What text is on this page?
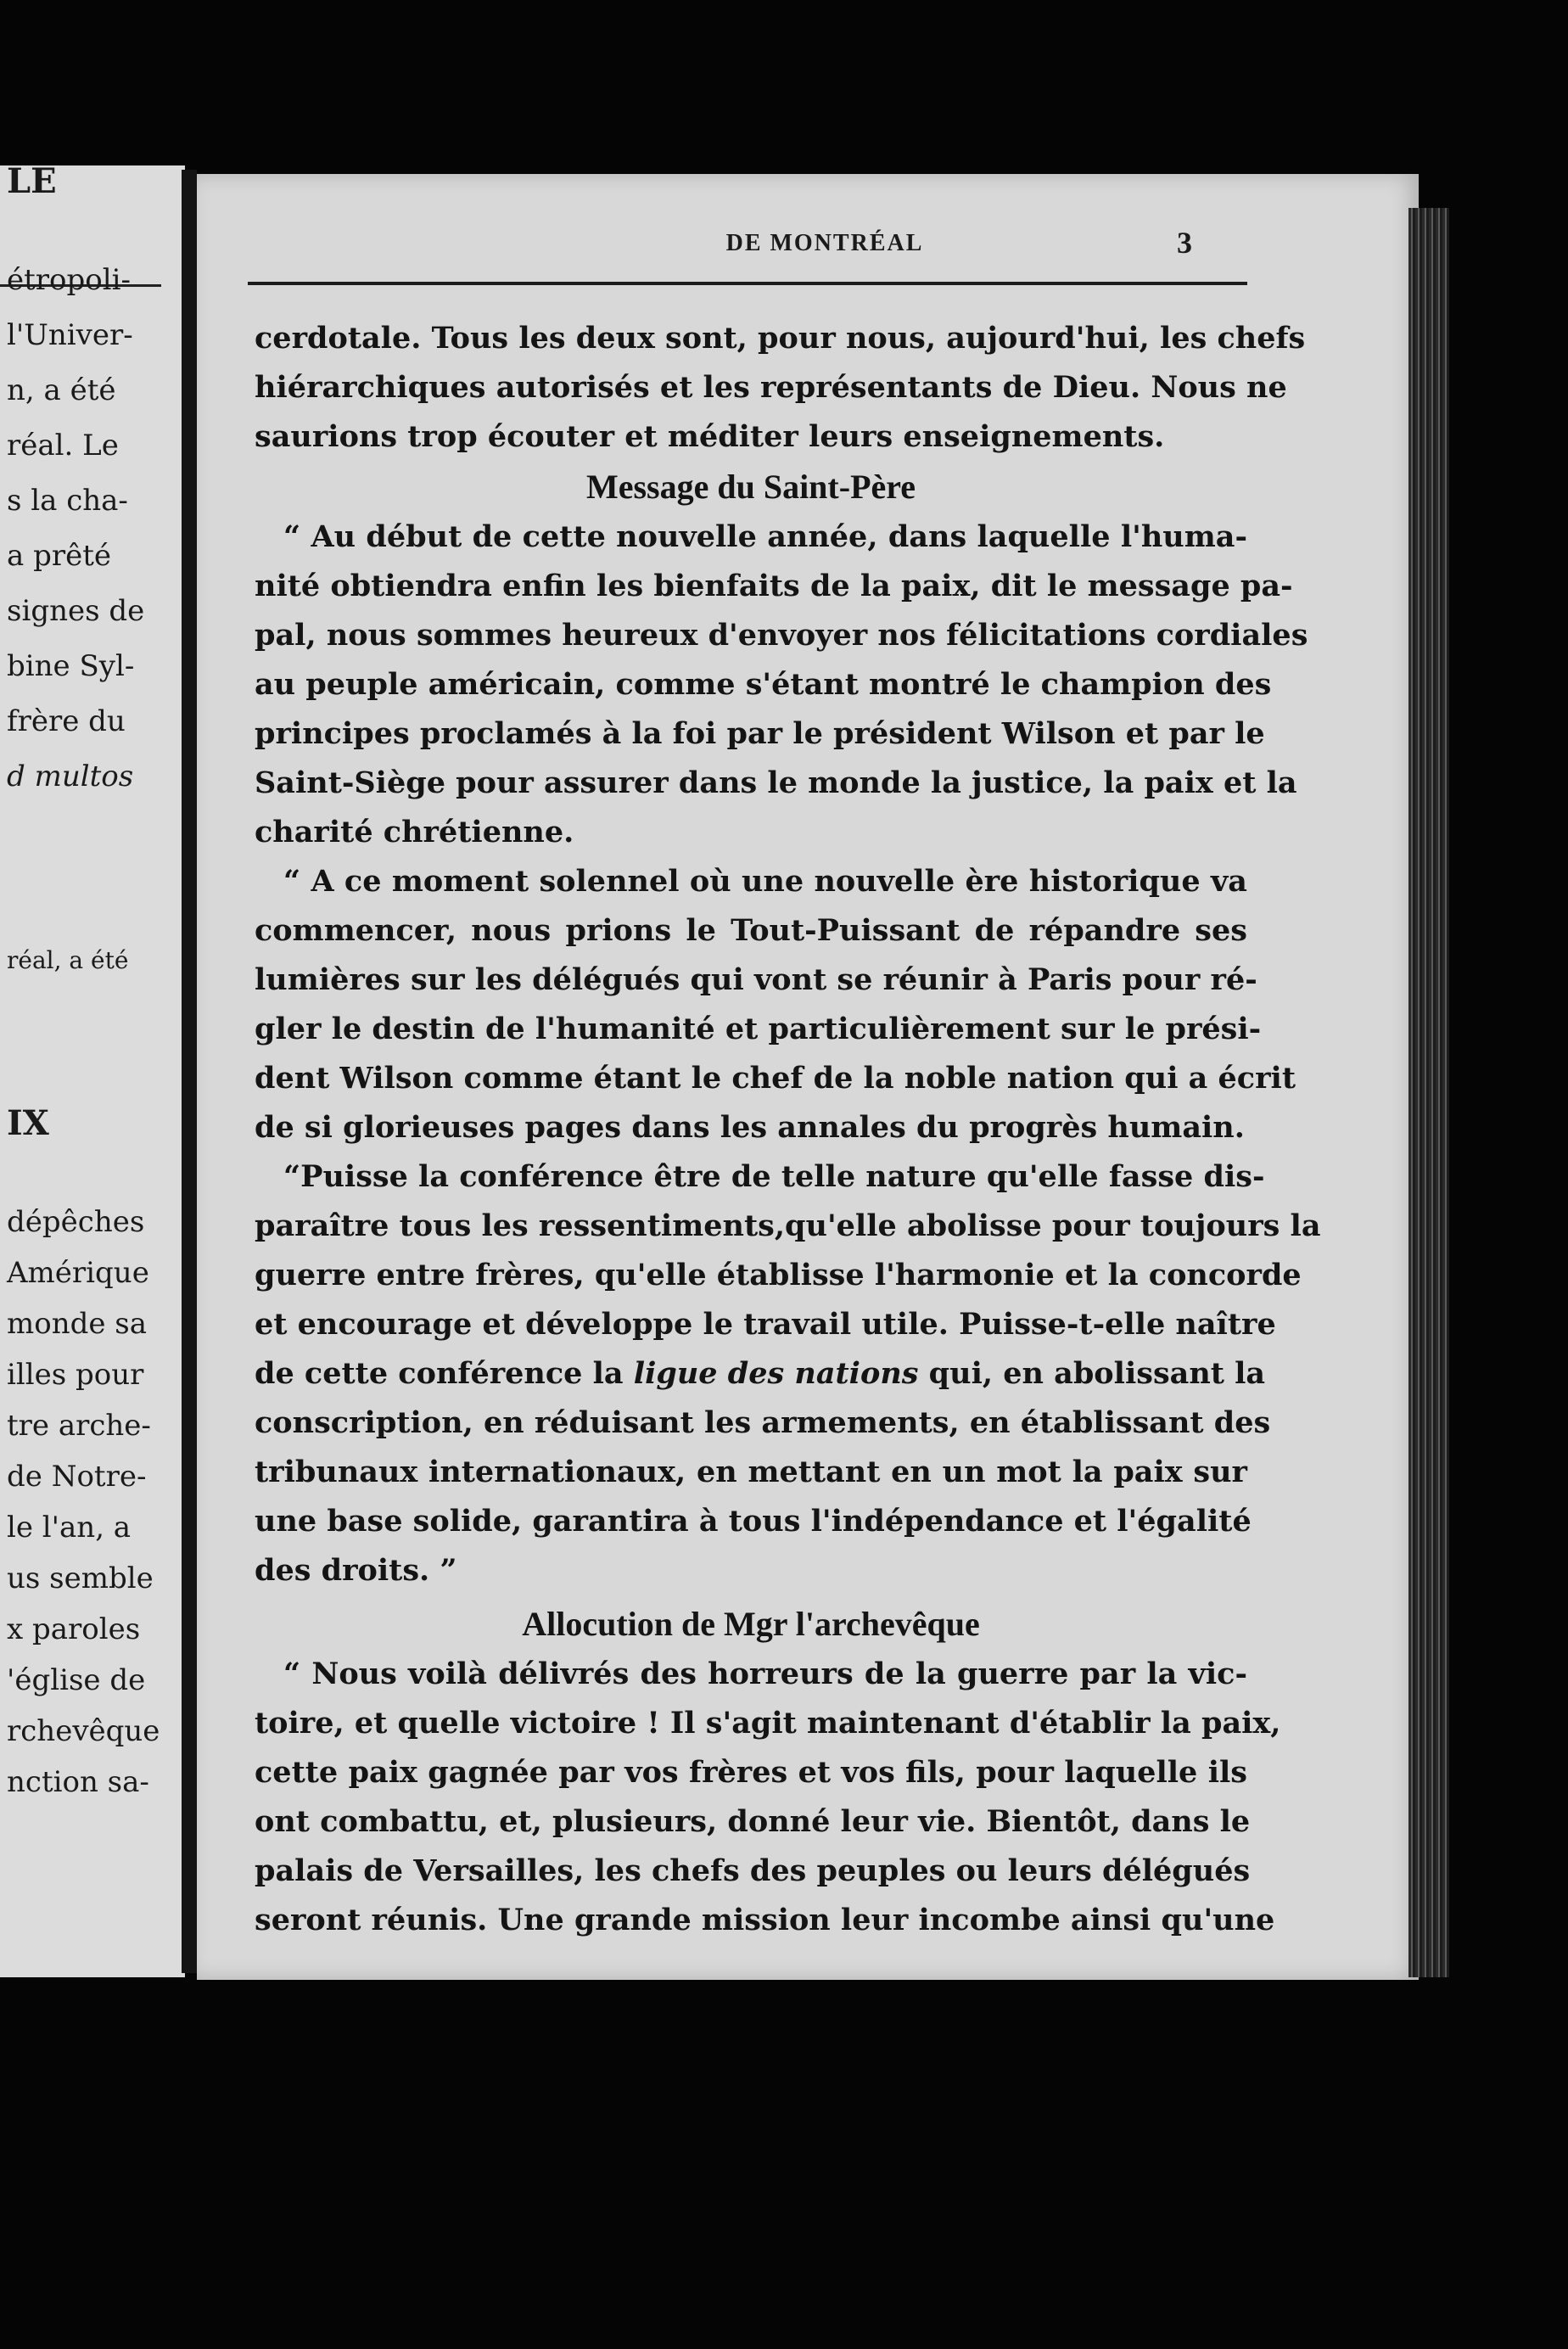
LE
étropoli-
l'Univer-
n, a été
réal. Le
s la cha-
a prêté
signes de
bine Syl-
frère du
d multos
réal, a été
IX
dépêches
Amérique
monde sa
illes pour
tre arche-
de Notre-
le l'an, a
us semble
x paroles
'église de
rchevêque
nction sa-
DE MONTRÉAL	3
cerdotale. Tous les deux sont, pour nous, aujourd'hui, les chefs
hiérarchiques autorisés et les représentants de Dieu. Nous ne
saurions trop écouter et méditer leurs enseignements.
Message du Saint-Père
“ Au début de cette nouvelle année, dans laquelle l'huma-
nité obtiendra enfin les bienfaits de la paix, dit le message pa-
pal, nous sommes heureux d'envoyer nos félicitations cordiales
au peuple américain, comme s'étant montré le champion des
principes proclamés à la foi par le président Wilson et par le
Saint-Siège pour assurer dans le monde la justice, la paix et la
charité chrétienne.
“ A ce moment solennel où une nouvelle ère historique va
commencer, nous prions le Tout-Puissant de répandre ses
lumières sur les délégués qui vont se réunir à Paris pour ré-
gler le destin de l'humanité et particulièrement sur le prési-
dent Wilson comme étant le chef de la noble nation qui a écrit
de si glorieuses pages dans les annales du progrès humain.
“Puisse la conférence être de telle nature qu'elle fasse dis-
paraître tous les ressentiments,qu'elle abolisse pour toujours la
guerre entre frères, qu'elle établisse l'harmonie et la concorde
et encourage et développe le travail utile. Puisse-t-elle naître
de cette conférence la ligue des nations qui, en abolissant la
conscription, en réduisant les armements, en établissant des
tribunaux internationaux, en mettant en un mot la paix sur
une base solide, garantira à tous l'indépendance et l'égalité
des droits. ”
Allocution de Mgr l'archevêque
“ Nous voilà délivrés des horreurs de la guerre par la vic-
toire, et quelle victoire ! Il s'agit maintenant d'établir la paix,
cette paix gagnée par vos frères et vos fils, pour laquelle ils
ont combattu, et, plusieurs, donné leur vie. Bientôt, dans le
palais de Versailles, les chefs des peuples ou leurs délégués
seront réunis. Une grande mission leur incombe ainsi qu'une
